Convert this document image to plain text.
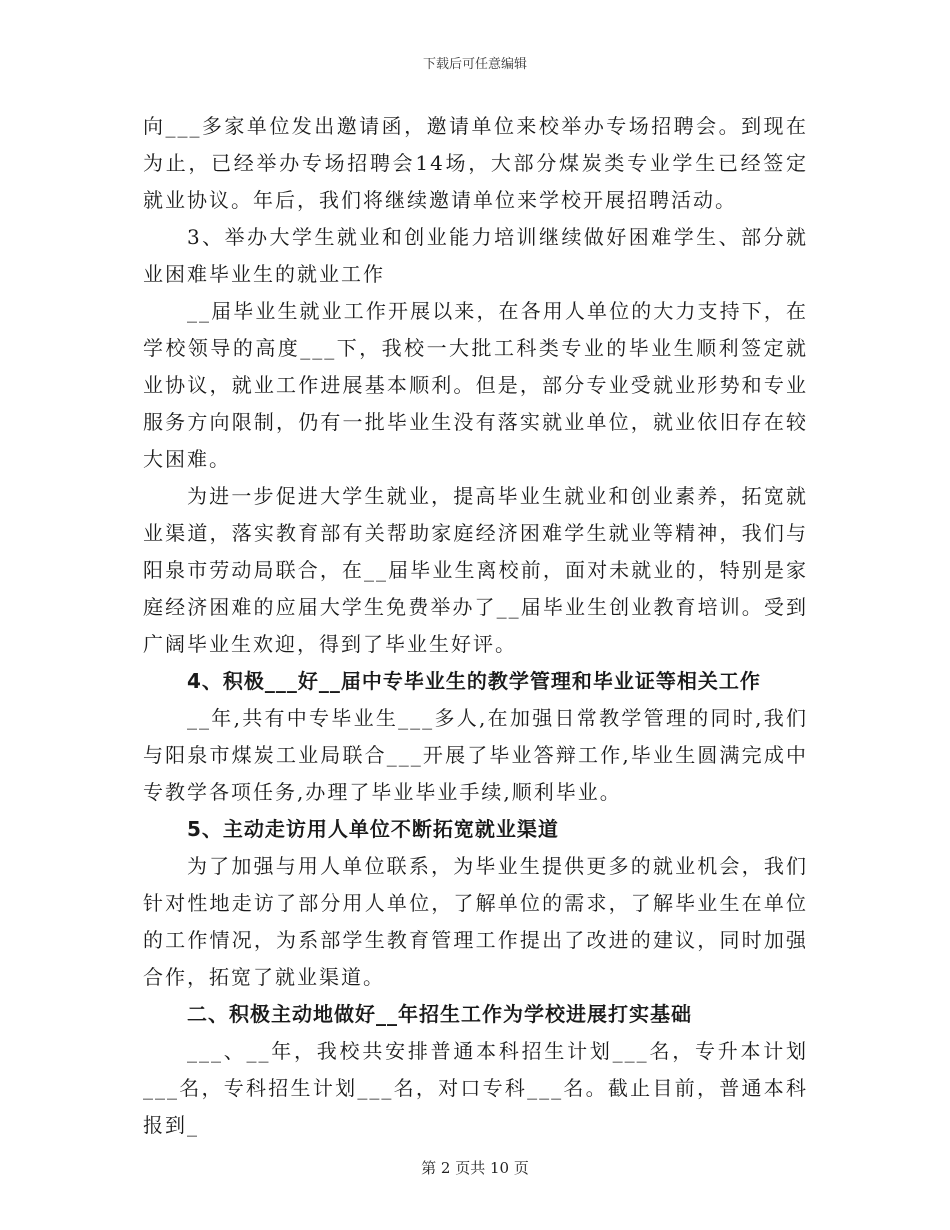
下载后可任意编辑

向___多家单位发出邀请函，邀请单位来校举办专场招聘会。到现在为止，已经举办专场招聘会14场，大部分煤炭类专业学生已经签定就业协议。年后，我们将继续邀请单位来学校开展招聘活动。

3、举办大学生就业和创业能力培训继续做好困难学生、部分就业困难毕业生的就业工作

__届毕业生就业工作开展以来，在各用人单位的大力支持下，在学校领导的高度___下，我校一大批工科类专业的毕业生顺利签定就业协议，就业工作进展基本顺利。但是，部分专业受就业形势和专业服务方向限制，仍有一批毕业生没有落实就业单位，就业依旧存在较大困难。

为进一步促进大学生就业，提高毕业生就业和创业素养，拓宽就业渠道，落实教育部有关帮助家庭经济困难学生就业等精神，我们与阳泉市劳动局联合，在__届毕业生离校前，面对未就业的，特别是家庭经济困难的应届大学生免费举办了__届毕业生创业教育培训。受到广阔毕业生欢迎，得到了毕业生好评。

4、积极___好__届中专毕业生的教学管理和毕业证等相关工作

__年,共有中专毕业生___多人,在加强日常教学管理的同时,我们与阳泉市煤炭工业局联合___开展了毕业答辩工作,毕业生圆满完成中专教学各项任务,办理了毕业毕业手续,顺利毕业。

5、主动走访用人单位不断拓宽就业渠道

为了加强与用人单位联系，为毕业生提供更多的就业机会，我们针对性地走访了部分用人单位，了解单位的需求，了解毕业生在单位的工作情况，为系部学生教育管理工作提出了改进的建议，同时加强合作，拓宽了就业渠道。

二、积极主动地做好__年招生工作为学校进展打实基础

___、__年，我校共安排普通本科招生计划___名，专升本计划___名，专科招生计划___名，对口专科___名。截止目前，普通本科报到_

第 2 页共 10 页
